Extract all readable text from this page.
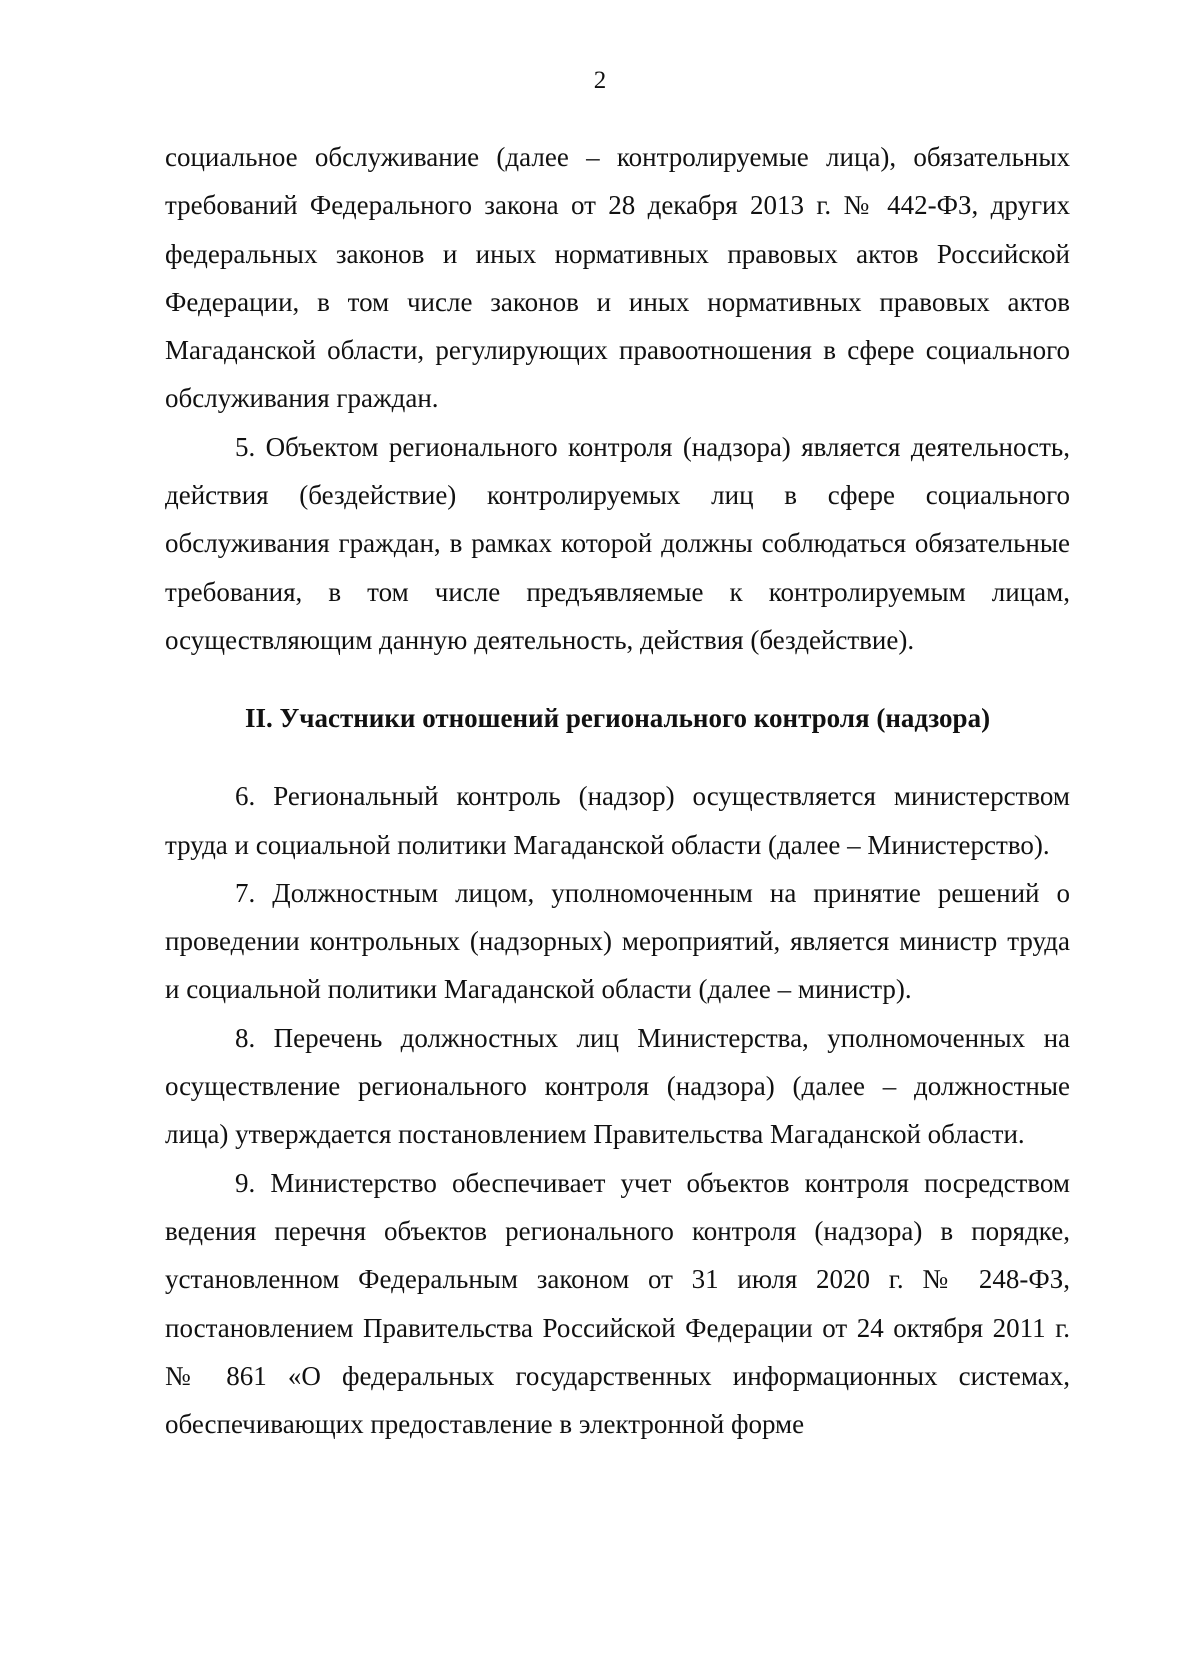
2

социальное обслуживание (далее – контролируемые лица), обязательных требований Федерального закона от 28 декабря 2013 г. № 442-ФЗ, других федеральных законов и иных нормативных правовых актов Российской Федерации, в том числе законов и иных нормативных правовых актов Магаданской области, регулирующих правоотношения в сфере социального обслуживания граждан.

5. Объектом регионального контроля (надзора) является деятельность, действия (бездействие) контролируемых лиц в сфере социального обслуживания граждан, в рамках которой должны соблюдаться обязательные требования, в том числе предъявляемые к контролируемым лицам, осуществляющим данную деятельность, действия (бездействие).

II. Участники отношений регионального контроля (надзора)

6. Региональный контроль (надзор) осуществляется министерством труда и социальной политики Магаданской области (далее – Министерство).

7. Должностным лицом, уполномоченным на принятие решений о проведении контрольных (надзорных) мероприятий, является министр труда и социальной политики Магаданской области (далее – министр).

8. Перечень должностных лиц Министерства, уполномоченных на осуществление регионального контроля (надзора) (далее – должностные лица) утверждается постановлением Правительства Магаданской области.

9. Министерство обеспечивает учет объектов контроля посредством ведения перечня объектов регионального контроля (надзора) в порядке, установленном Федеральным законом от 31 июля 2020 г. № 248-ФЗ, постановлением Правительства Российской Федерации от 24 октября 2011 г. № 861 «О федеральных государственных информационных системах, обеспечивающих предоставление в электронной форме
